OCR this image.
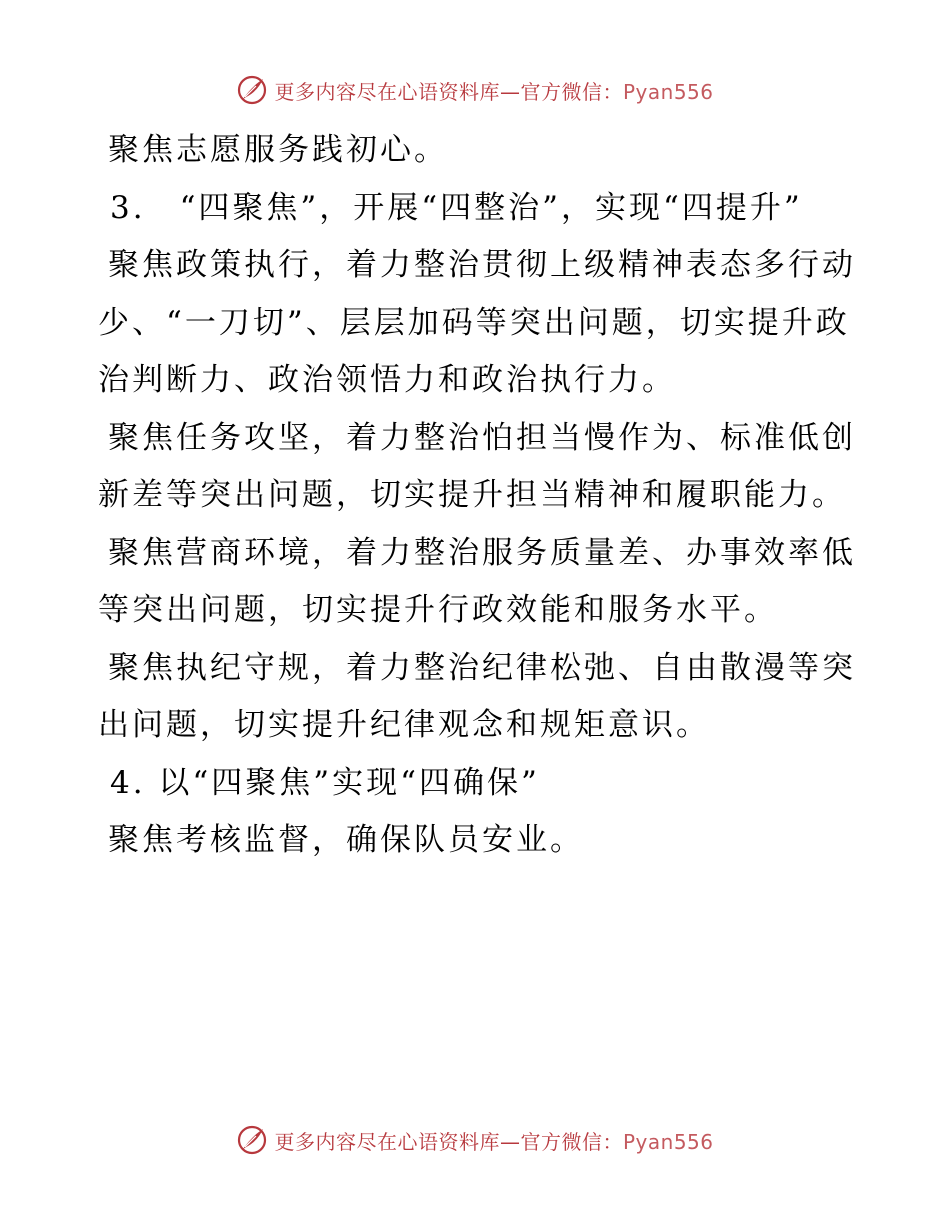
更多内容尽在心语资料库—官方微信：Pyan556

聚焦志愿服务践初心。

3.　“四聚焦”，开展“四整治”，实现“四提升”

聚焦政策执行，着力整治贯彻上级精神表态多行动少、“一刀切”、层层加码等突出问题，切实提升政治判断力、政治领悟力和政治执行力。

聚焦任务攻坚，着力整治怕担当慢作为、标准低创新差等突出问题，切实提升担当精神和履职能力。

聚焦营商环境，着力整治服务质量差、办事效率低等突出问题，切实提升行政效能和服务水平。

聚焦执纪守规，着力整治纪律松弛、自由散漫等突出问题，切实提升纪律观念和规矩意识。

4. 以“四聚焦”实现“四确保”

聚焦考核监督，确保队员安业。

更多内容尽在心语资料库—官方微信：Pyan556
